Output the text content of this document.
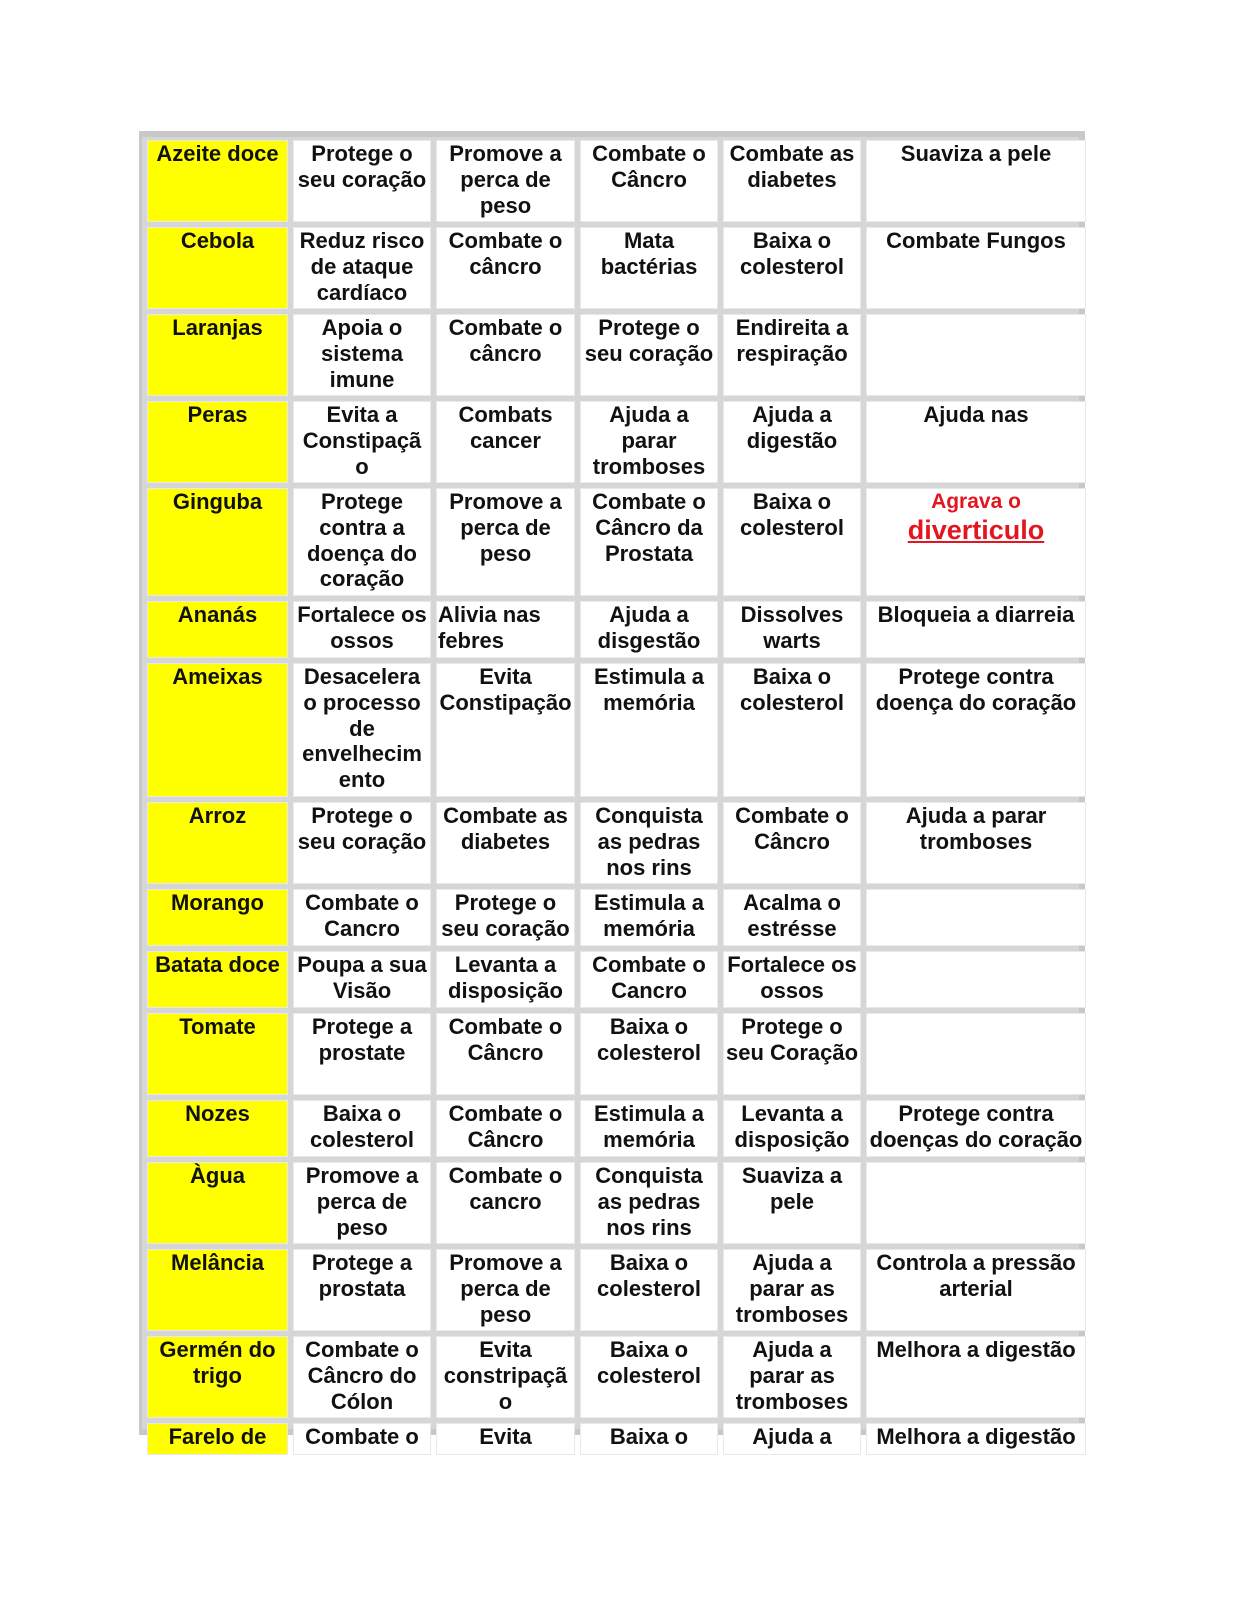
Azeite doce	Protege o seu coração	Promove a perca de peso	Combate o Câncro	Combate as diabetes	Suaviza a pele
Cebola	Reduz risco de ataque cardíaco	Combate o câncro	Mata bactérias	Baixa o colesterol	Combate Fungos
Laranjas	Apoia o sistema imune	Combate o câncro	Protege o seu coração	Endireita a respiração	
Peras	Evita a Constipaçã o	Combats cancer	Ajuda a parar tromboses	Ajuda a digestão	Ajuda nas
Ginguba	Protege contra a doença do coração	Promove a perca de peso	Combate o Câncro da Prostata	Baixa o colesterol	Agrava o
diverticulo

Ananás	Fortalece os ossos	Alivia nas febres	Ajuda a disgestão	Dissolves warts	Bloqueia a diarreia
Ameixas	Desacelera o processo de envelhecim ento	Evita Constipação	Estimula a memória	Baixa o colesterol	Protege contra doença do coração
Arroz	Protege o seu coração	Combate as diabetes	Conquista as pedras nos rins	Combate o Câncro	Ajuda a parar tromboses
Morango	Combate o Cancro	Protege o seu coração	Estimula a memória	Acalma o estrésse	
Batata doce	Poupa a sua Visão	Levanta a disposição	Combate o Cancro	Fortalece os ossos	
Tomate	Protege a prostate	Combate o Câncro	Baixa o colesterol	Protege o seu Coração	
Nozes	Baixa o colesterol	Combate o Câncro	Estimula a memória	Levanta a disposição	Protege contra doenças do coração
Àgua	Promove a perca de peso	Combate o cancro	Conquista as pedras nos rins	Suaviza a pele	
Melância	Protege a prostata	Promove a perca de peso	Baixa o colesterol	Ajuda a parar as tromboses	Controla a pressão arterial
Germén do trigo	Combate o Câncro do Cólon	Evita constripaçã o	Baixa o colesterol	Ajuda a parar as tromboses	Melhora a digestão
Farelo de	Combate o	Evita	Baixa o	Ajuda a	Melhora a digestão
